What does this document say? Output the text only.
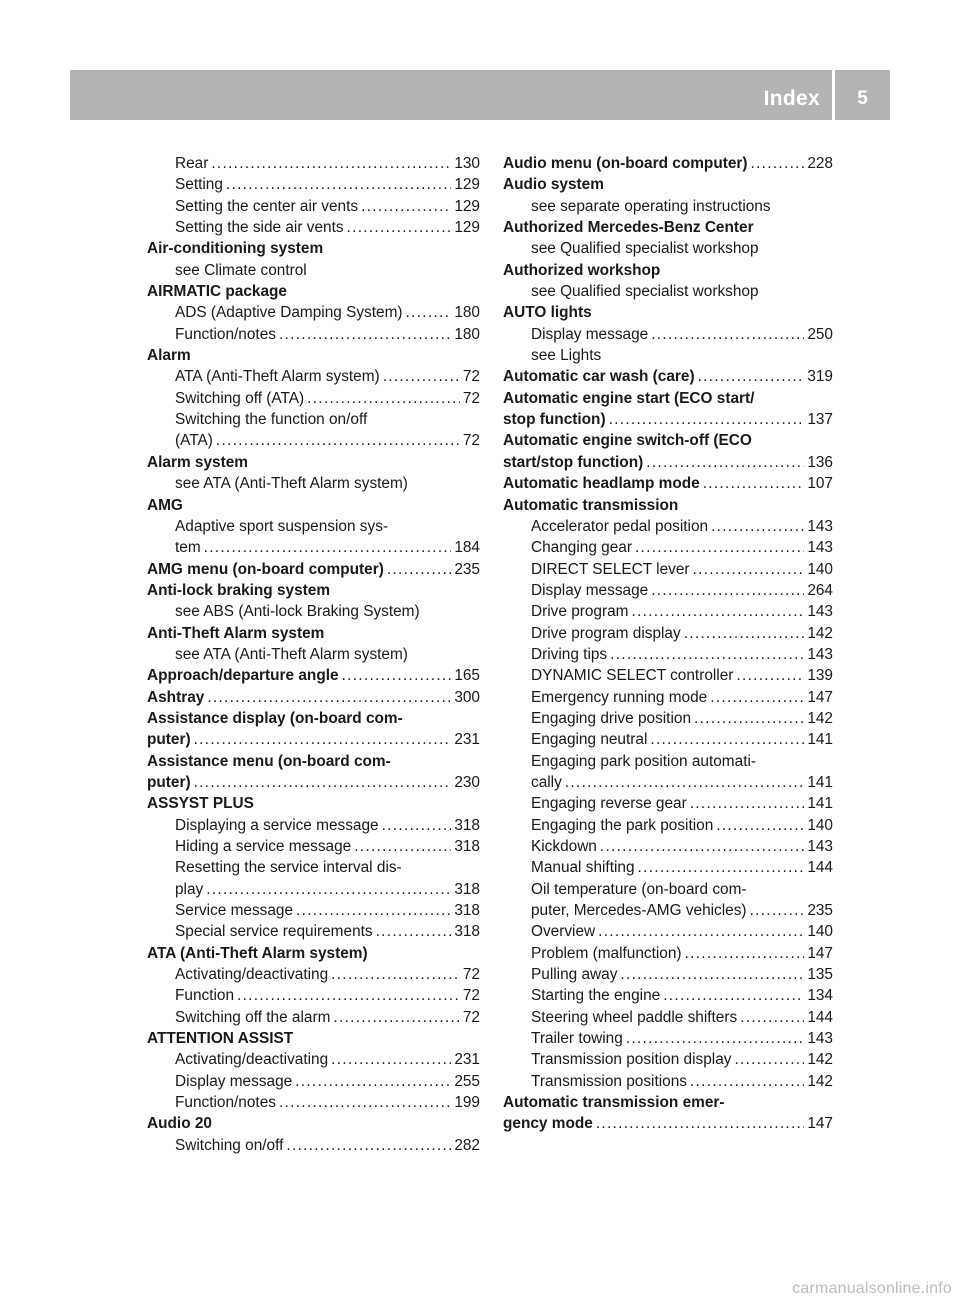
Index	5
Rear .....	130
Setting .....	129
Setting the center air vents .....	129
Setting the side air vents .....	129
Air-conditioning system
see Climate control
AIRMATIC package
ADS (Adaptive Damping System) .....	180
Function/notes .....	180
Alarm
ATA (Anti-Theft Alarm system) .....	72
Switching off (ATA) .....	72
Switching the function on/off
(ATA) .....	72
Alarm system
see ATA (Anti-Theft Alarm system)
AMG
Adaptive sport suspension sys-
tem .....	184
AMG menu (on-board computer) .....	235
Anti-lock braking system
see ABS (Anti-lock Braking System)
Anti-Theft Alarm system
see ATA (Anti-Theft Alarm system)
Approach/departure angle .....	165
Ashtray .....	300
Assistance display (on-board com-
puter) .....	231
Assistance menu (on-board com-
puter) .....	230
ASSYST PLUS
Displaying a service message .....	318
Hiding a service message .....	318
Resetting the service interval dis-
play .....	318
Service message .....	318
Special service requirements .....	318
ATA (Anti-Theft Alarm system)
Activating/deactivating .....	72
Function .....	72
Switching off the alarm .....	72
ATTENTION ASSIST
Activating/deactivating .....	231
Display message .....	255
Function/notes .....	199
Audio 20
Switching on/off .....	282
Audio menu (on-board computer) .....	228
Audio system
see separate operating instructions
Authorized Mercedes-Benz Center
see Qualified specialist workshop
Authorized workshop
see Qualified specialist workshop
AUTO lights
Display message .....	250
see Lights
Automatic car wash (care) .....	319
Automatic engine start (ECO start/
stop function) .....	137
Automatic engine switch-off (ECO
start/stop function) .....	136
Automatic headlamp mode .....	107
Automatic transmission
Accelerator pedal position .....	143
Changing gear .....	143
DIRECT SELECT lever .....	140
Display message .....	264
Drive program .....	143
Drive program display .....	142
Driving tips .....	143
DYNAMIC SELECT controller .....	139
Emergency running mode .....	147
Engaging drive position .....	142
Engaging neutral .....	141
Engaging park position automati-
cally .....	141
Engaging reverse gear .....	141
Engaging the park position .....	140
Kickdown .....	143
Manual shifting .....	144
Oil temperature (on-board com-
puter, Mercedes-AMG vehicles) .....	235
Overview .....	140
Problem (malfunction) .....	147
Pulling away .....	135
Starting the engine .....	134
Steering wheel paddle shifters .....	144
Trailer towing .....	143
Transmission position display .....	142
Transmission positions .....	142
Automatic transmission emer-
gency mode .....	147
carmanualsonline.info
